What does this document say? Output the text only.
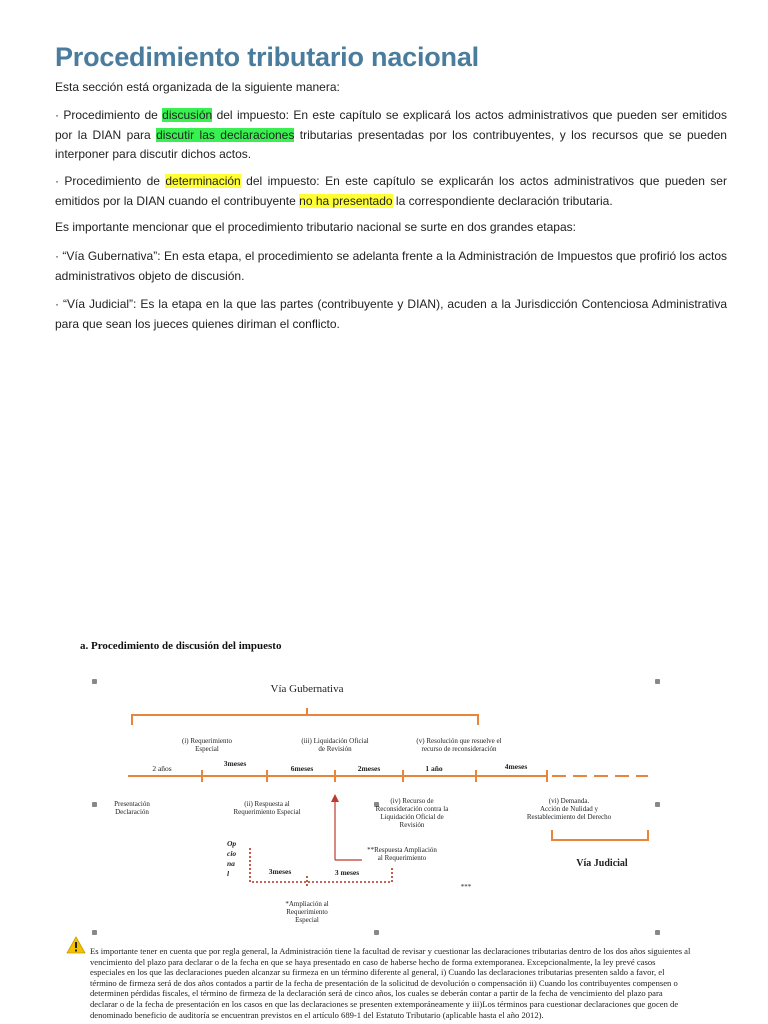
Procedimiento tributario nacional

Esta sección está organizada de la siguiente manera:

· Procedimiento de discusión del impuesto: En este capítulo se explicará los actos administrativos que pueden ser emitidos por la DIAN para discutir las declaraciones tributarias presentadas por los contribuyentes, y los recursos que se pueden interponer para discutir dichos actos.

· Procedimiento de determinación del impuesto: En este capítulo se explicarán los actos administrativos que pueden ser emitidos por la DIAN cuando el contribuyente no ha presentado la correspondiente declaración tributaria.

Es importante mencionar que el procedimiento tributario nacional se surte en dos grandes etapas:

· “Vía Gubernativa”: En esta etapa, el procedimiento se adelanta frente a la Administración de Impuestos que profirió los actos administrativos objeto de discusión.

· “Vía Judicial”: Es la etapa en la que las partes (contribuyente y DIAN), acuden a la Jurisdicción Contenciosa Administrativa para que sean los jueces quienes diriman el conflicto.

a. Procedimiento de discusión del impuesto
Vía Gubernativa
(i) Requerimiento
Especial
(iii) Liquidación Oficial
de Revisión
(v) Resolución que resuelve el
recurso de reconsideración
2 años
3meses
6meses	2meses	1 año	4meses
Presentación
Declaración
(ii) Respuesta al
Requerimiento Especial
(iv) Recurso de
Reconsideración contra la
Liquidación Oficial de
Revisión
(vi) Demanda.
Acción de Nulidad y
Restablecimiento del Derecho
**Respuesta Ampliación
al Requerimiento	Vía Judicial
Op
cio
na
l	3meses	3 meses
***
*Ampliación al
Requerimiento
Especial
Es importante tener en cuenta que por regla general, la Administración tiene la facultad de revisar y cuestionar las declaraciones tributarias dentro de los dos años siguientes al vencimiento del plazo para declarar o de la fecha en que se haya presentado en caso de haberse hecho de forma extemporanea. Excepcionalmente, la ley prevé casos especiales en los que las declaraciones pueden alcanzar su firmeza en un término diferente al general, i) Cuando las declaraciones tributarias presenten saldo a favor, el término de firmeza será de dos años contados a partir de la fecha de presentación de la solicitud de devolución o compensación ii) Cuando los contribuyentes compensen o determinen pérdidas fiscales, el término de firmeza de la declaración será de cinco años, los cuales se deberán contar a partir de la fecha de vencimiento del plazo para declarar o de la fecha de presentación en los casos en que las declaraciones se presenten extemporáneamente y iii)Los términos para cuestionar declaraciones que gocen de denominado beneficio de auditoría se encuentran previstos en el artículo 689-1 del Estatuto Tributario (aplicable hasta el año 2012).
